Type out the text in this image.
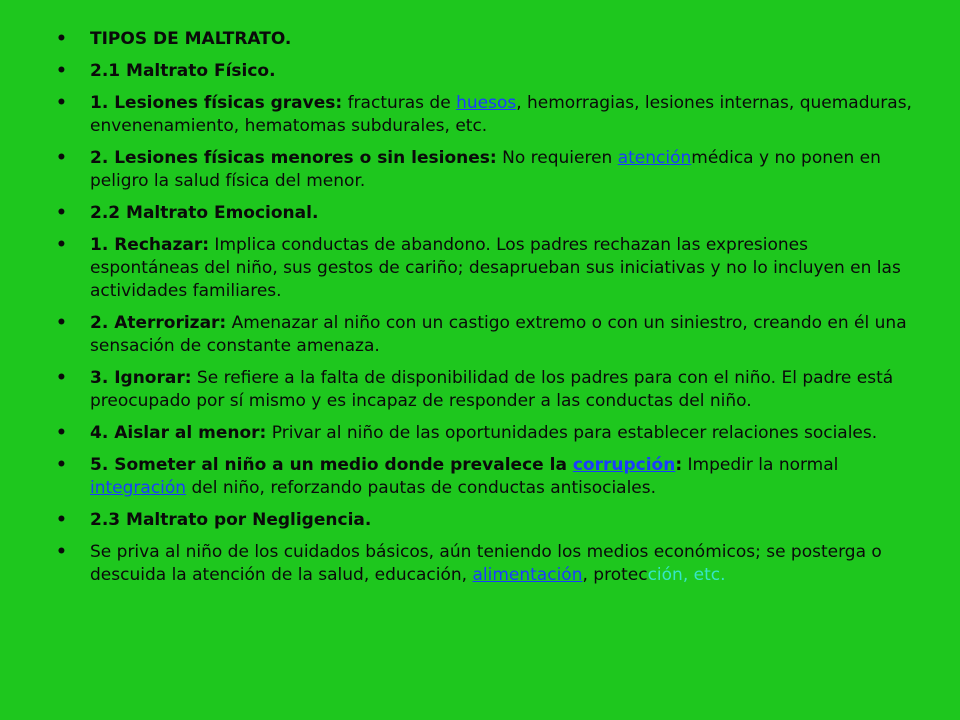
•	TIPOS DE MALTRATO.
•	2.1 Maltrato Físico.
•	1. Lesiones físicas graves: fracturas de huesos, hemorragias, lesiones internas, quemaduras, envenenamiento, hematomas subdurales, etc.
•	2. Lesiones físicas menores o sin lesiones: No requieren atenciónmédica y no ponen en peligro la salud física del menor.
•	2.2 Maltrato Emocional.
•	1. Rechazar: Implica conductas de abandono. Los padres rechazan las expresiones espontáneas del niño, sus gestos de cariño; desaprueban sus iniciativas y no lo incluyen en las actividades familiares.
•	2. Aterrorizar: Amenazar al niño con un castigo extremo o con un siniestro, creando en él una sensación de constante amenaza.
•	3. Ignorar: Se refiere a la falta de disponibilidad de los padres para con el niño. El padre está preocupado por sí mismo y es incapaz de responder a las conductas del niño.
•	4. Aislar al menor: Privar al niño de las oportunidades para establecer relaciones sociales.
•	5. Someter al niño a un medio donde prevalece la corrupción: Impedir la normal integración del niño, reforzando pautas de conductas antisociales.
•	2.3 Maltrato por Negligencia.
•	Se priva al niño de los cuidados básicos, aún teniendo los medios económicos; se posterga o descuida la atención de la salud, educación, alimentación, protección, etc.
